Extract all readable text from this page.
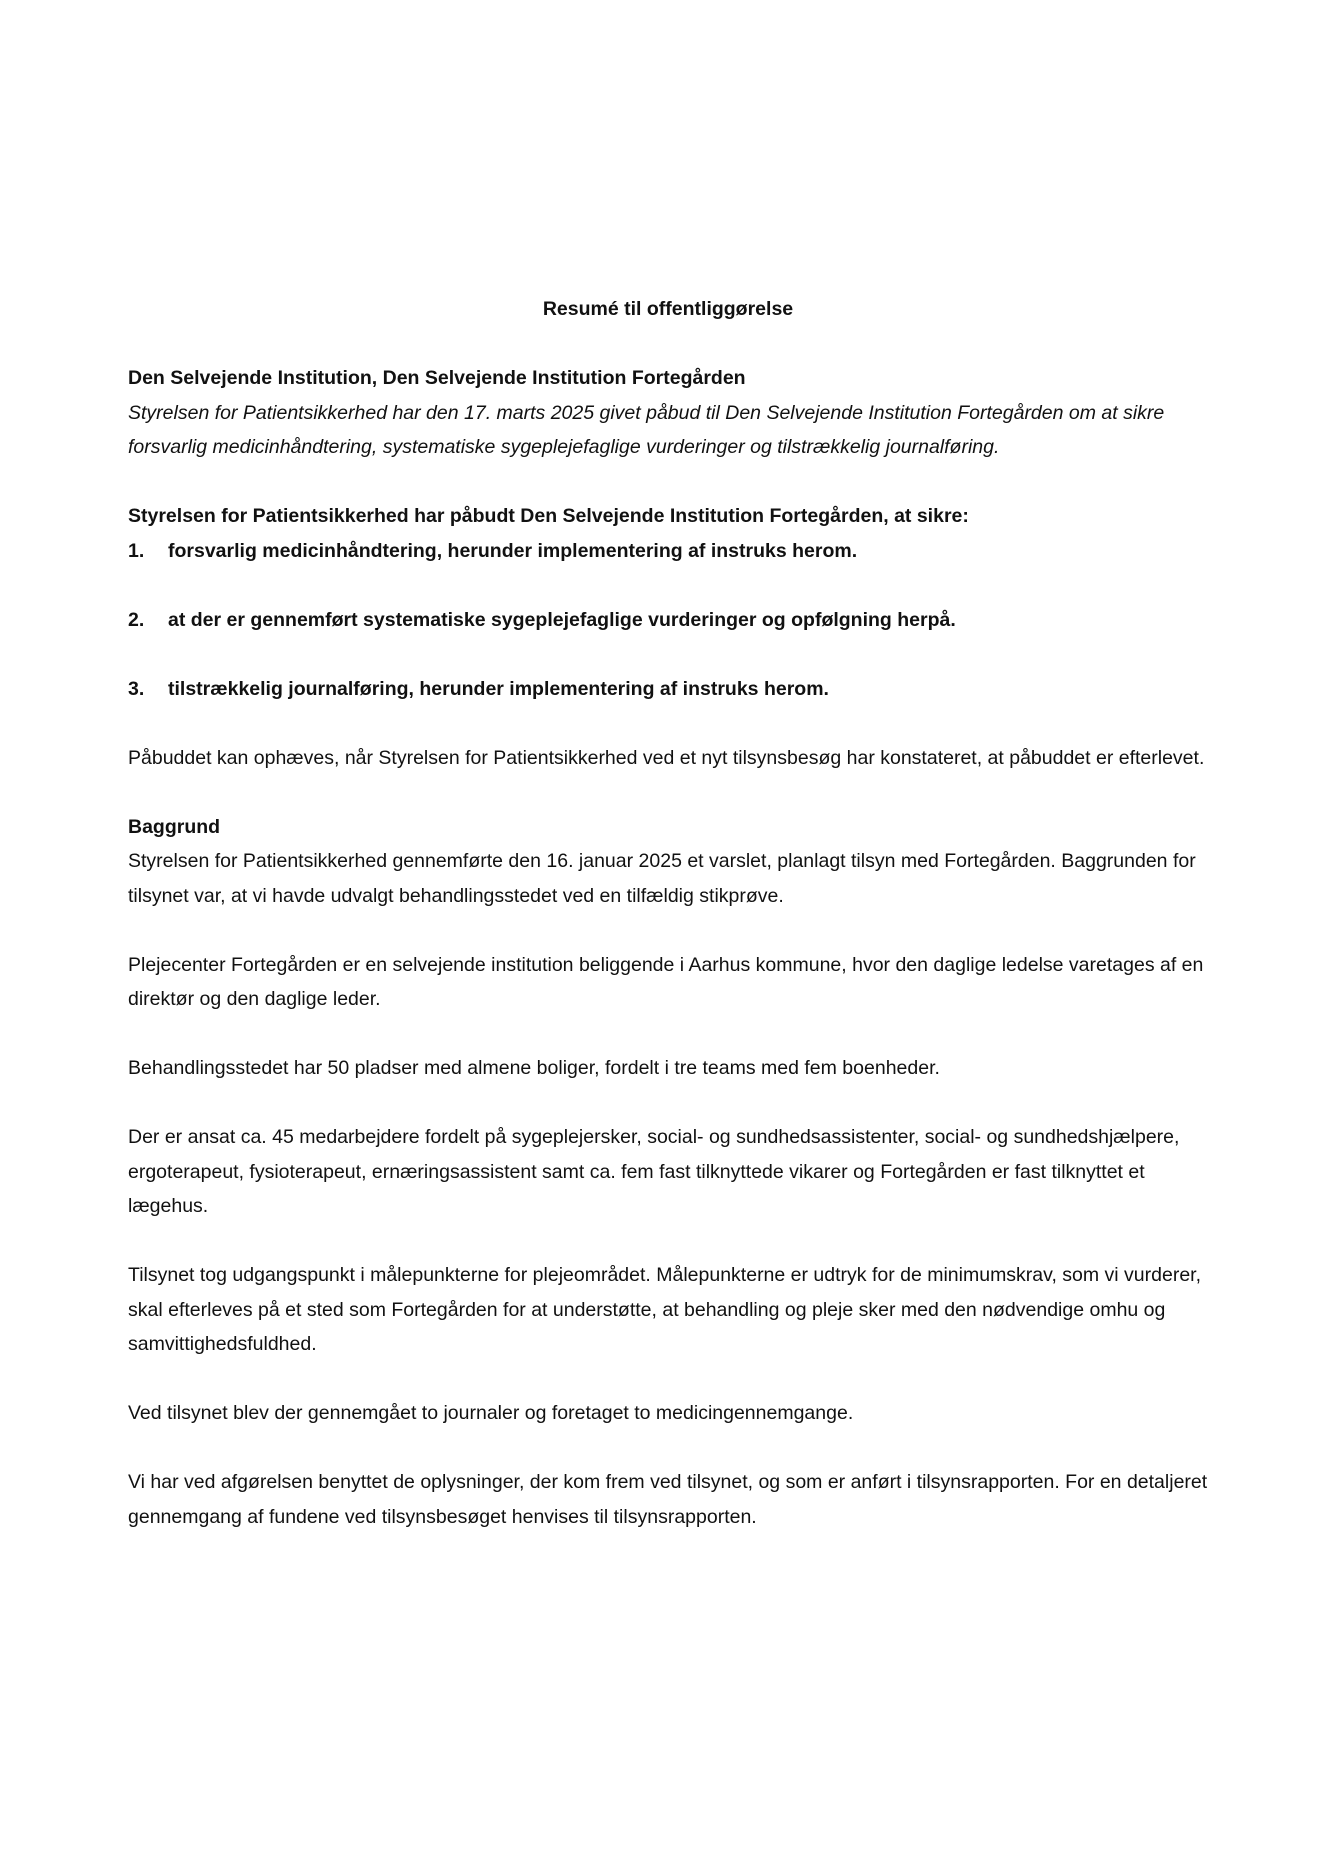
Resumé til offentliggørelse

Den Selvejende Institution, Den Selvejende Institution Fortegården

Styrelsen for Patientsikkerhed har den 17. marts 2025 givet påbud til Den Selvejende Institution Fortegården om at sikre forsvarlig medicinhåndtering, systematiske sygeplejefaglige vurderinger og tilstrækkelig journalføring.

Styrelsen for Patientsikkerhed har påbudt Den Selvejende Institution Fortegården, at sikre:

1.	forsvarlig medicinhåndtering, herunder implementering af instruks herom.
2.	at der er gennemført systematiske sygeplejefaglige vurderinger og opfølgning herpå.
3.	tilstrækkelig journalføring, herunder implementering af instruks herom.

Påbuddet kan ophæves, når Styrelsen for Patientsikkerhed ved et nyt tilsynsbesøg har konstateret, at påbuddet er efterlevet.

Baggrund

Styrelsen for Patientsikkerhed gennemførte den 16. januar 2025 et varslet, planlagt tilsyn med Fortegården. Baggrunden for tilsynet var, at vi havde udvalgt behandlingsstedet ved en tilfældig stikprøve.

Plejecenter Fortegården er en selvejende institution beliggende i Aarhus kommune, hvor den daglige ledelse varetages af en direktør og den daglige leder.

Behandlingsstedet har 50 pladser med almene boliger, fordelt i tre teams med fem boenheder.

Der er ansat ca. 45 medarbejdere fordelt på sygeplejersker, social- og sundhedsassistenter, social- og sundhedshjælpere, ergoterapeut, fysioterapeut, ernæringsassistent samt ca. fem fast tilknyttede vikarer og Fortegården er fast tilknyttet et lægehus.

Tilsynet tog udgangspunkt i målepunkterne for plejeområdet. Målepunkterne er udtryk for de minimumskrav, som vi vurderer, skal efterleves på et sted som Fortegården for at understøtte, at behandling og pleje sker med den nødvendige omhu og samvittighedsfuldhed.

Ved tilsynet blev der gennemgået to journaler og foretaget to medicingennemgange.

Vi har ved afgørelsen benyttet de oplysninger, der kom frem ved tilsynet, og som er anført i tilsynsrapporten. For en detaljeret gennemgang af fundene ved tilsynsbesøget henvises til tilsynsrapporten.
